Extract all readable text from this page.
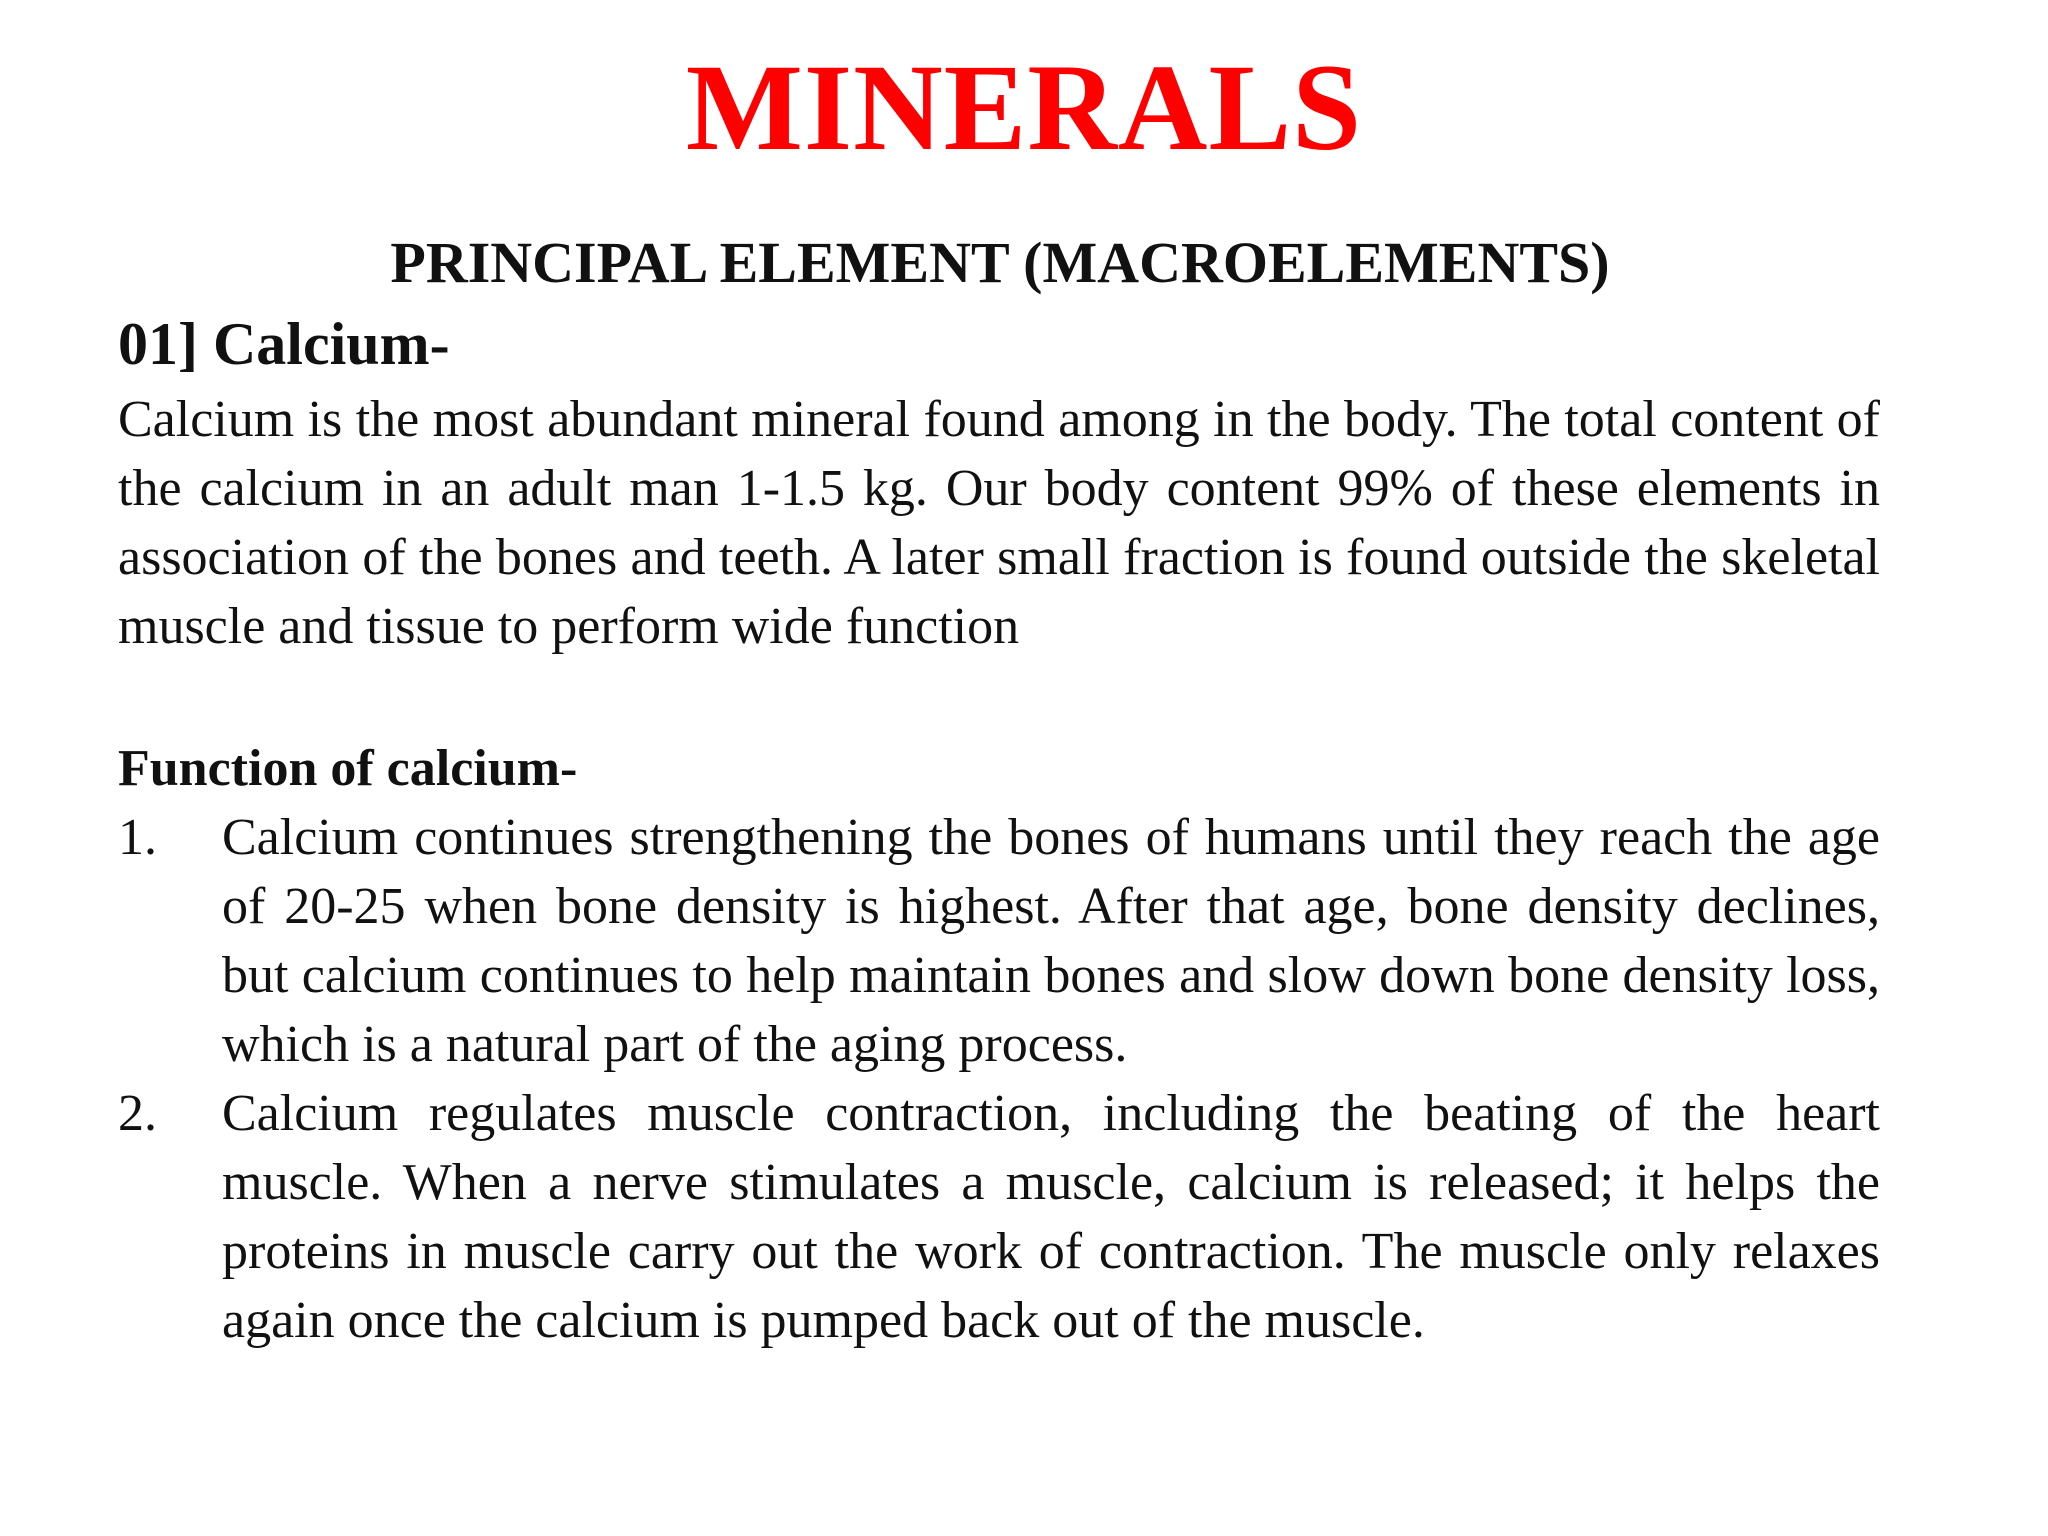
MINERALS
PRINCIPAL ELEMENT (MACROELEMENTS)
01] Calcium-
Calcium is the most abundant mineral found among in the body. The total content of the calcium in an adult man 1-1.5 kg. Our body content 99% of these elements in association of the bones and teeth. A later small fraction is found outside the skeletal muscle and tissue to perform wide function
Function of calcium-
1. Calcium continues strengthening the bones of humans until they reach the age of 20-25 when bone density is highest. After that age, bone density declines, but calcium continues to help maintain bones and slow down bone density loss, which is a natural part of the aging process.
2. Calcium regulates muscle contraction, including the beating of the heart muscle. When a nerve stimulates a muscle, calcium is released; it helps the proteins in muscle carry out the work of contraction. The muscle only relaxes again once the calcium is pumped back out of the muscle.
